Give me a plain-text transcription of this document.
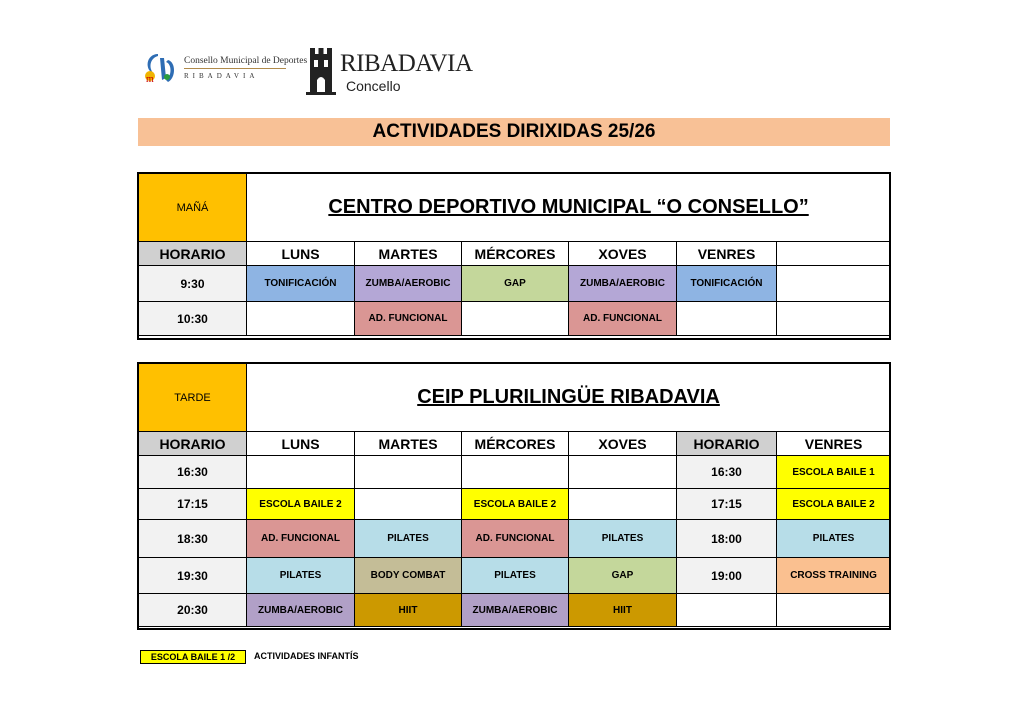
m
Consello Municipal de Deportes
RIBADAVIA	RIBADAVIA
Concello
ACTIVIDADES DIRIXIDAS 25/26
MAÑÁ	CENTRO DEPORTIVO MUNICIPAL “O CONSELLO”					
HORARIO	LUNS	MARTES	MÉRCORES	XOVES	VENRES	
9:30	TONIFICACIÓN	ZUMBA/AEROBIC	GAP	ZUMBA/AEROBIC	TONIFICACIÓN	
10:30		AD. FUNCIONAL		AD. FUNCIONAL		
TARDE	CEIP PLURILINGÜE RIBADAVIA					
HORARIO	LUNS	MARTES	MÉRCORES	XOVES	HORARIO	VENRES
16:30					16:30	ESCOLA BAILE 1
17:15	ESCOLA BAILE 2		ESCOLA BAILE 2		17:15	ESCOLA BAILE 2
18:30	AD. FUNCIONAL	PILATES	AD. FUNCIONAL	PILATES	18:00	PILATES
19:30	PILATES	BODY COMBAT	PILATES	GAP	19:00	CROSS TRAINING
20:30	ZUMBA/AEROBIC	HIIT	ZUMBA/AEROBIC	HIIT		
ESCOLA BAILE 1 /2	ACTIVIDADES INFANTÍS
